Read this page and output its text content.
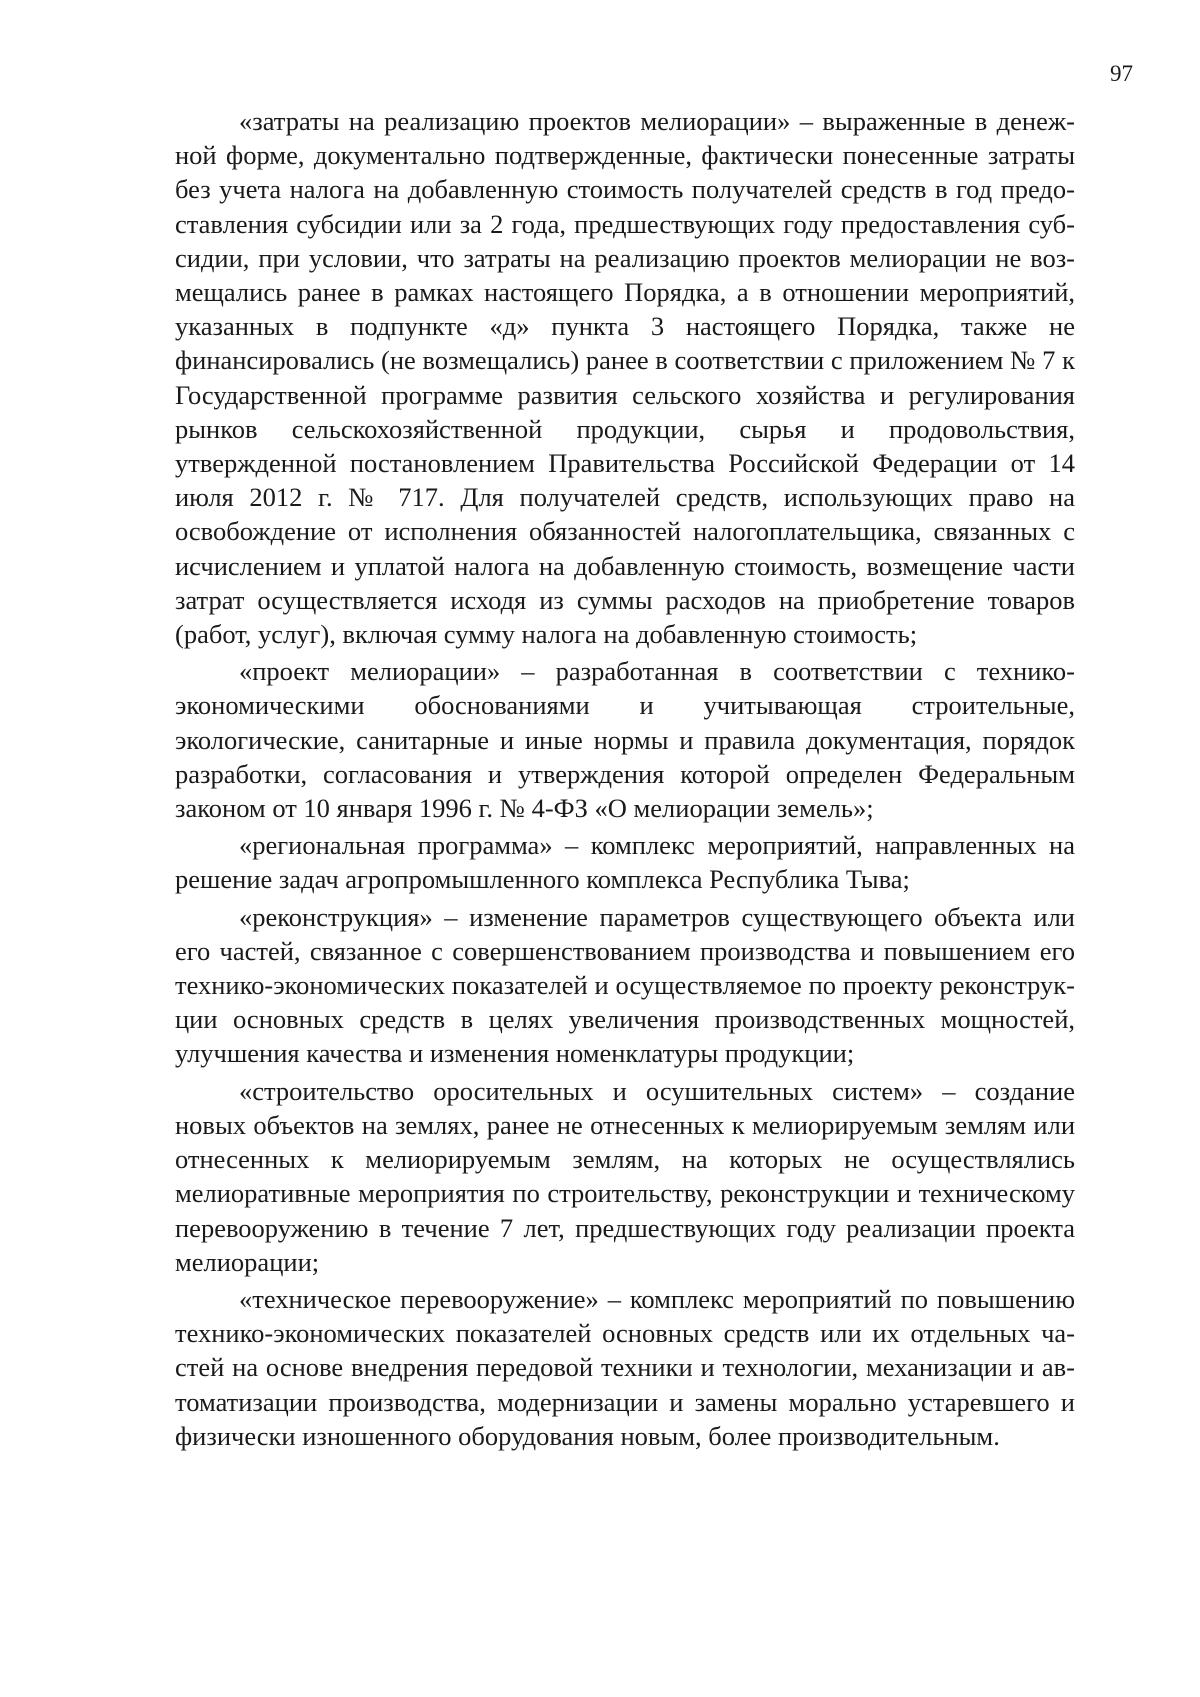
97

«затраты на реализацию проектов мелиорации» – выраженные в денежной форме, документально подтвержденные, фактически понесенные затраты без учета налога на добавленную стоимость получателей средств в год предоставления субсидии или за 2 года, предшествующих году предоставления субсидии, при условии, что затраты на реализацию проектов мелиорации не возмещались ранее в рамках настоящего Порядка, а в отношении мероприятий, указанных в подпункте «д» пункта 3 настоящего Порядка, также не финансировались (не возмещались) ранее в соответствии с приложением № 7 к Государственной программе развития сельского хозяйства и регулирования рынков сельскохозяйственной продукции, сырья и продовольствия, утвержденной постановлением Правительства Российской Федерации от 14 июля 2012 г. № 717. Для получателей средств, использующих право на освобождение от исполнения обязанностей налогоплательщика, связанных с исчислением и уплатой налога на добавленную стоимость, возмещение части затрат осуществляется исходя из суммы расходов на приобретение товаров (работ, услуг), включая сумму налога на добавленную стоимость;

«проект мелиорации» – разработанная в соответствии с технико-экономическими обоснованиями и учитывающая строительные, экологические, санитарные и иные нормы и правила документация, порядок разработки, согласования и утверждения которой определен Федеральным законом от 10 января 1996 г. № 4-ФЗ «О мелиорации земель»;

«региональная программа» – комплекс мероприятий, направленных на решение задач агропромышленного комплекса Республика Тыва;

«реконструкция» – изменение параметров существующего объекта или его частей, связанное с совершенствованием производства и повышением его технико-экономических показателей и осуществляемое по проекту реконструкции основных средств в целях увеличения производственных мощностей, улучшения качества и изменения номенклатуры продукции;

«строительство оросительных и осушительных систем» – создание новых объектов на землях, ранее не отнесенных к мелиорируемым землям или отнесенных к мелиорируемым землям, на которых не осуществлялись мелиоративные мероприятия по строительству, реконструкции и техническому перевооружению в течение 7 лет, предшествующих году реализации проекта мелиорации;

«техническое перевооружение» – комплекс мероприятий по повышению технико-экономических показателей основных средств или их отдельных частей на основе внедрения передовой техники и технологии, механизации и автоматизации производства, модернизации и замены морально устаревшего и физически изношенного оборудования новым, более производительным.
